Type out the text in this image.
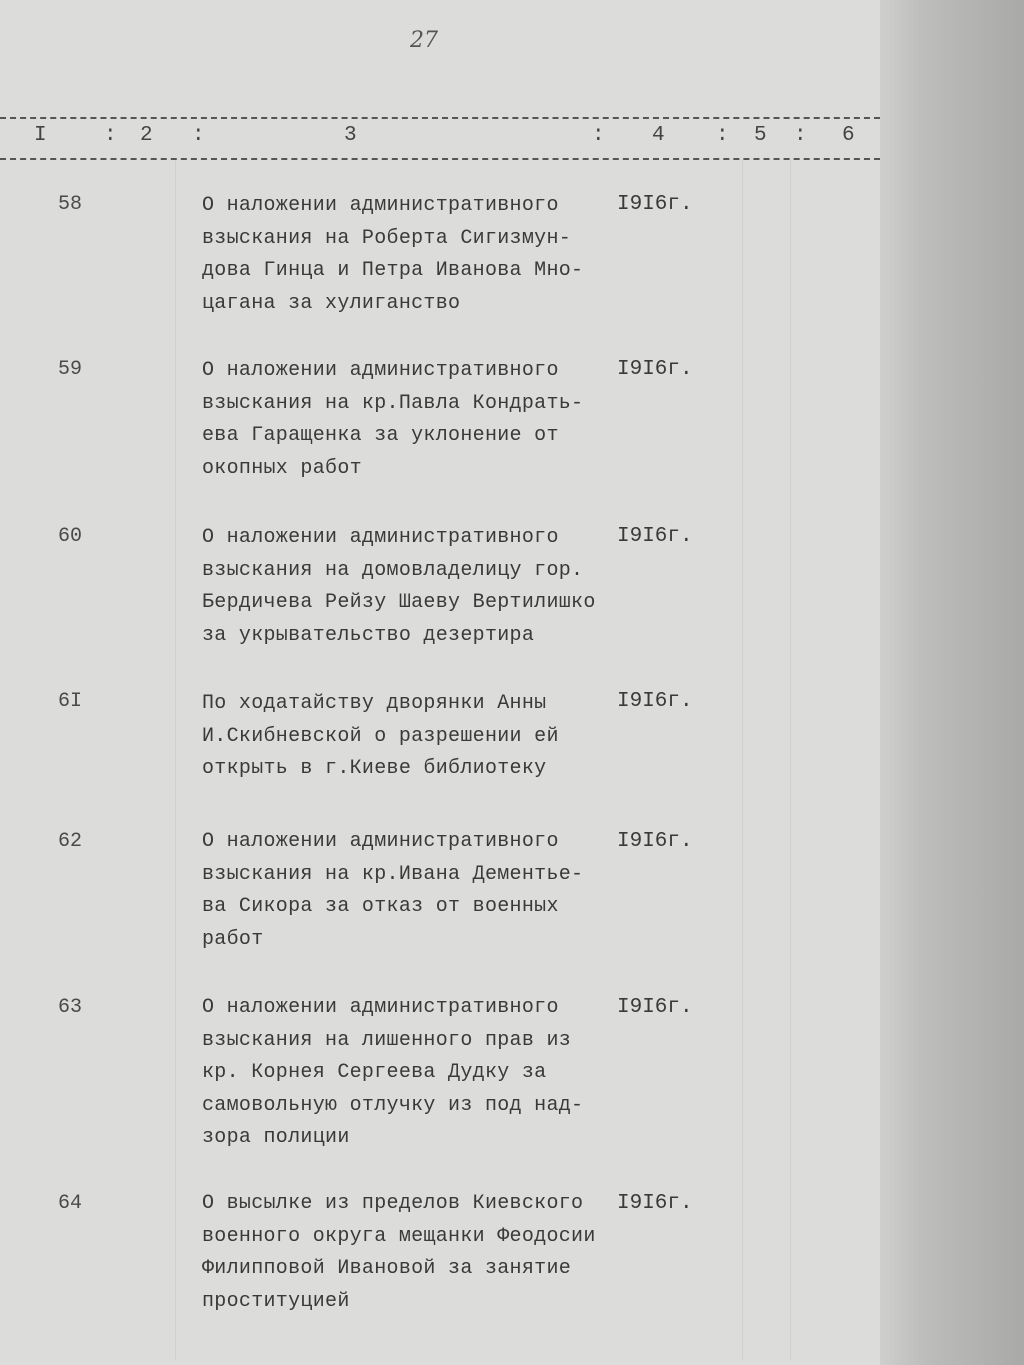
27
I	: 2 :	3	: 4 : 5 : 6
58	О наложении административного
взыскания на Роберта Сигизмун-
дова Гинца и Петра Иванова Мно-
цагана за хулиганство
I9I6г.
59	О наложении административного
взыскания на кр.Павла Кондрать-
ева Гаращенка за уклонение от
окопных работ
I9I6г.
60	О наложении административного
взыскания на домовладелицу гор.
Бердичева Рейзу Шаеву Вертилишко
за укрывательство дезертира
I9I6г.
6I	По ходатайству дворянки Анны
И.Скибневской о разрешении ей
открыть в г.Киеве библиотеку
I9I6г.
62	О наложении административного
взыскания на кр.Ивана Дементье-
ва Сикора за отказ от военных
работ
I9I6г.
63	О наложении административного
взыскания на лишенного прав из
кр. Корнея Сергеева Дудку за
самовольную отлучку из под над-
зора полиции
I9I6г.
64	О высылке из пределов Киевского
военного округа мещанки Феодосии
Филипповой Ивановой за занятие
проституцией
I9I6г.
